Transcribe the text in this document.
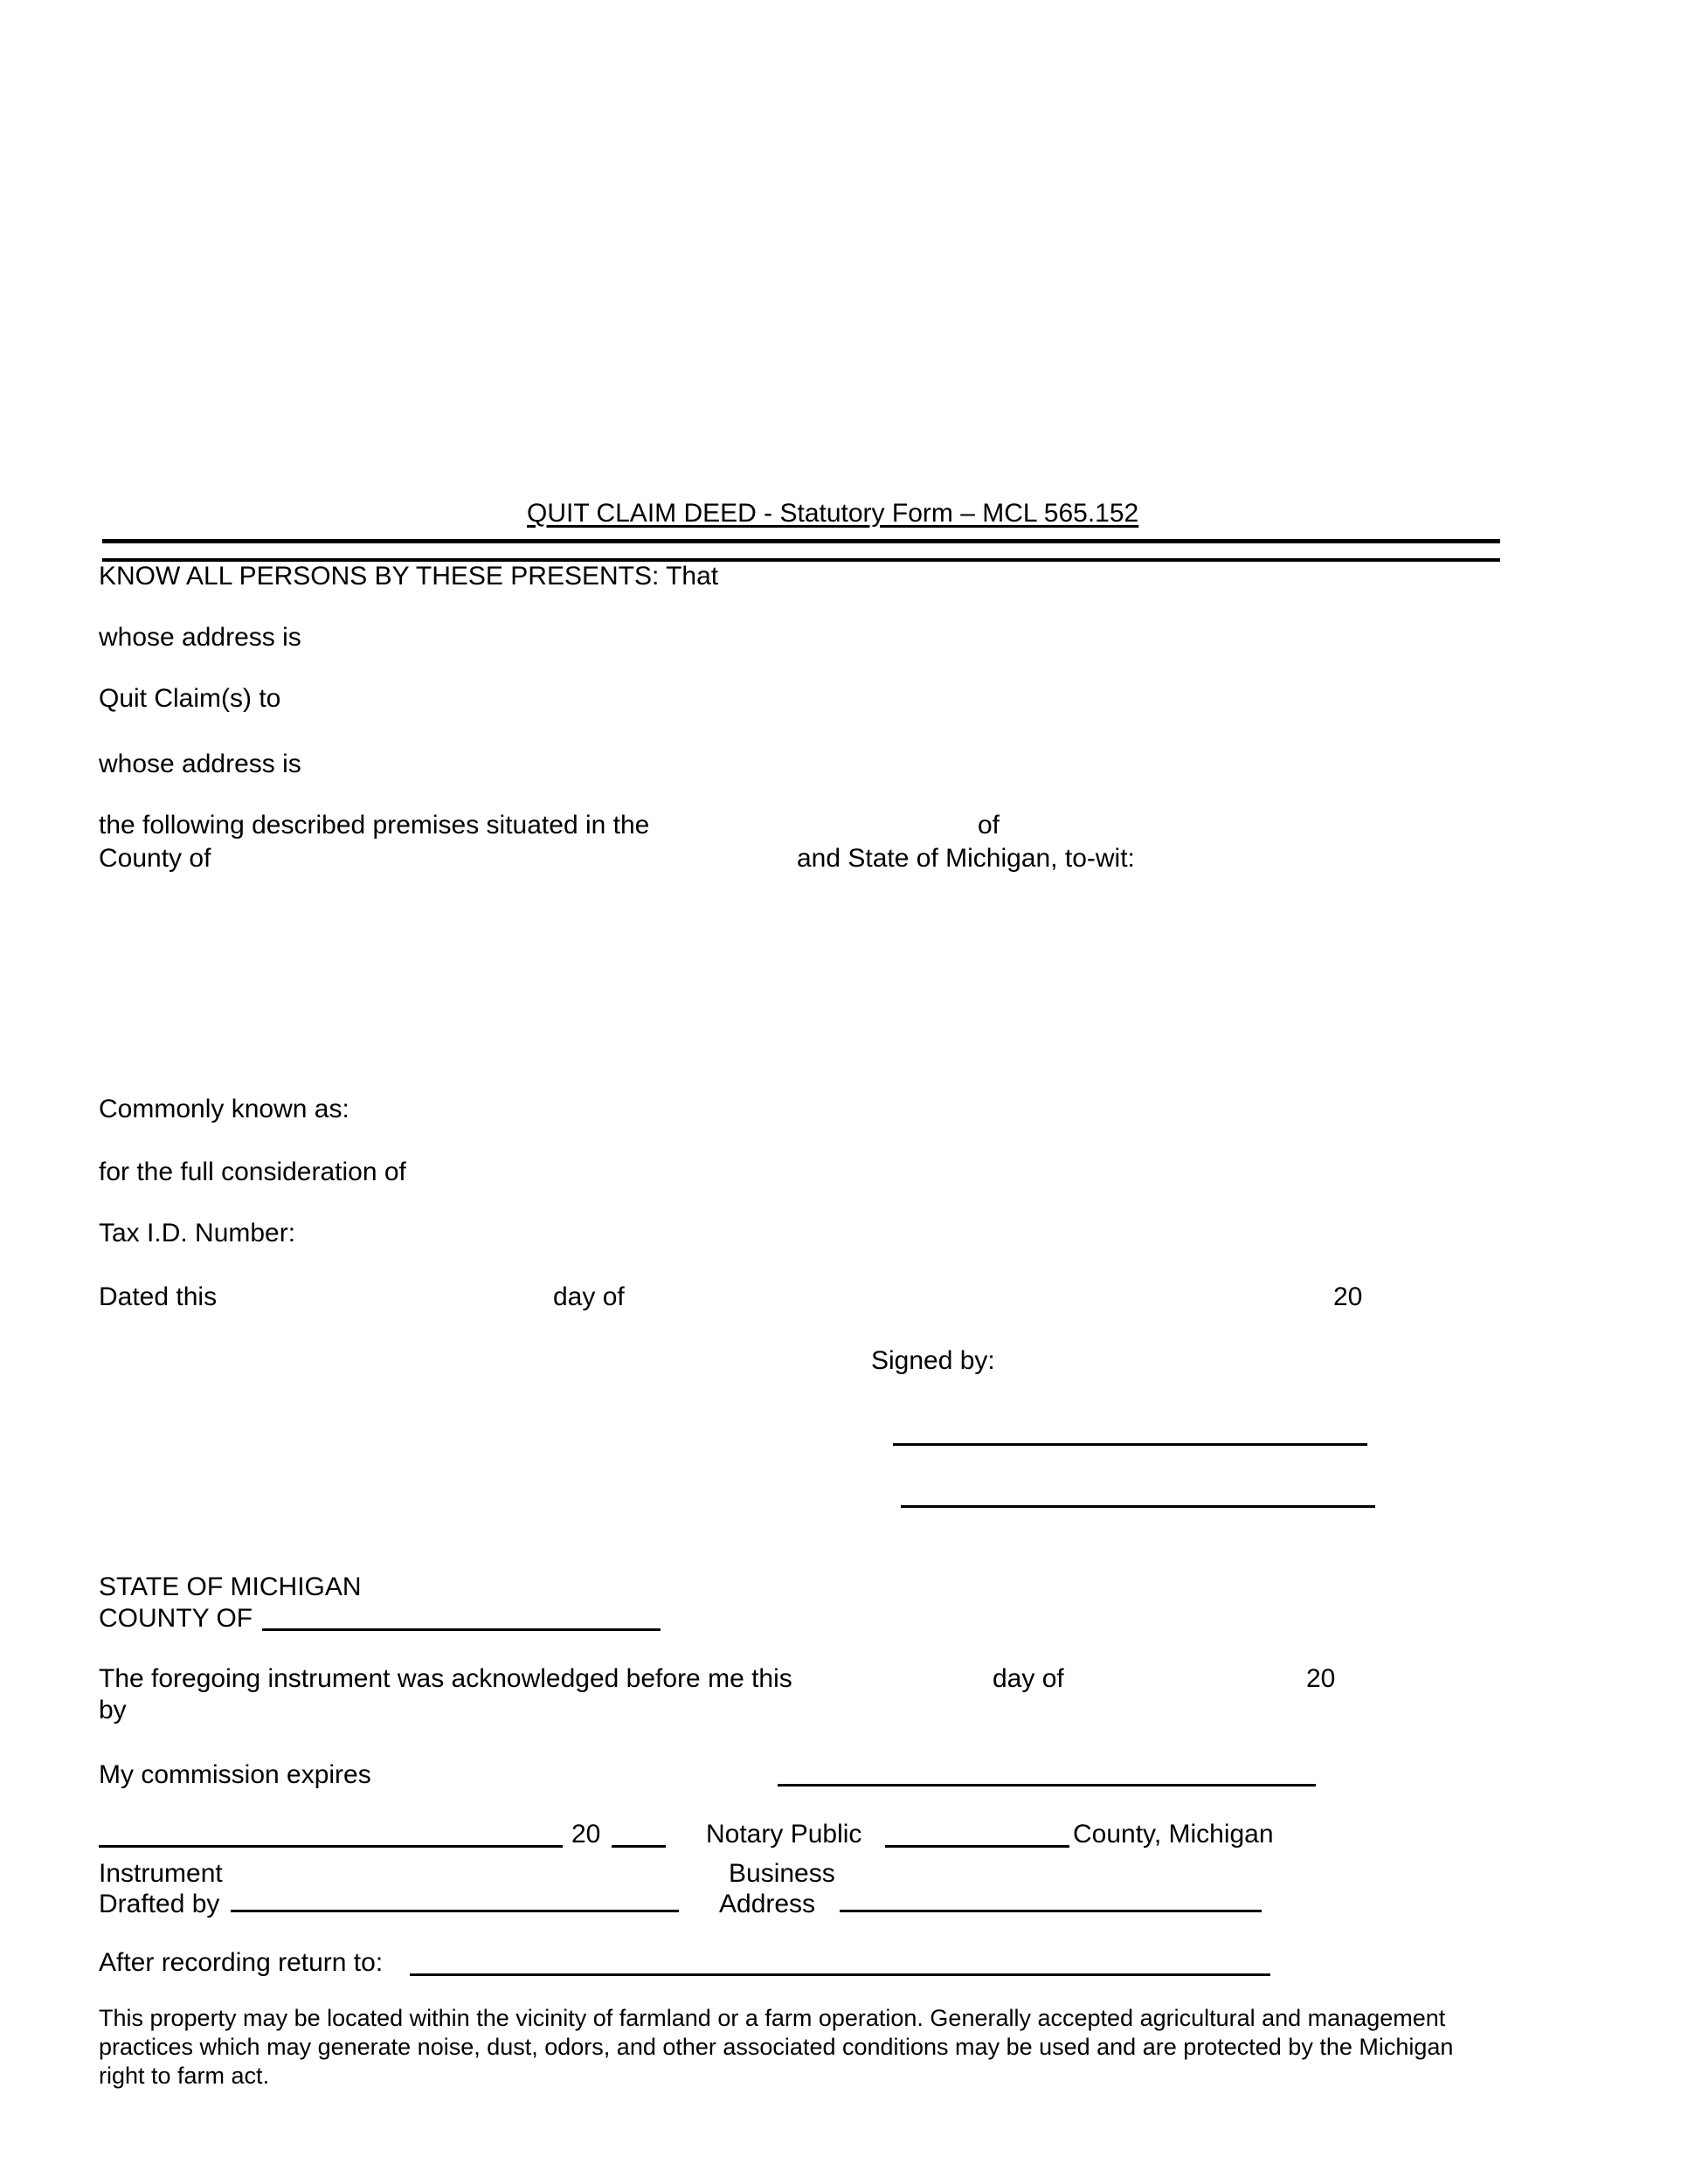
QUIT CLAIM DEED - Statutory Form – MCL 565.152
KNOW ALL PERSONS BY THESE PRESENTS: That
whose address is
Quit Claim(s) to
whose address is
the following described premises situated in the	of
County of	and State of Michigan, to-wit:
Commonly known as:
for the full consideration of
Tax I.D. Number:
Dated this	day of	20
Signed by:
STATE OF MICHIGAN
COUNTY OF
The foregoing instrument was acknowledged before me this	day of	20
by
My commission expires
20	Notary Public	County, Michigan
Instrument	Business
Drafted by	Address
After recording return to:
This property may be located within the vicinity of farmland or a farm operation. Generally accepted agricultural and management
practices which may generate noise, dust, odors, and other associated conditions may be used and are protected by the Michigan
right to farm act.
